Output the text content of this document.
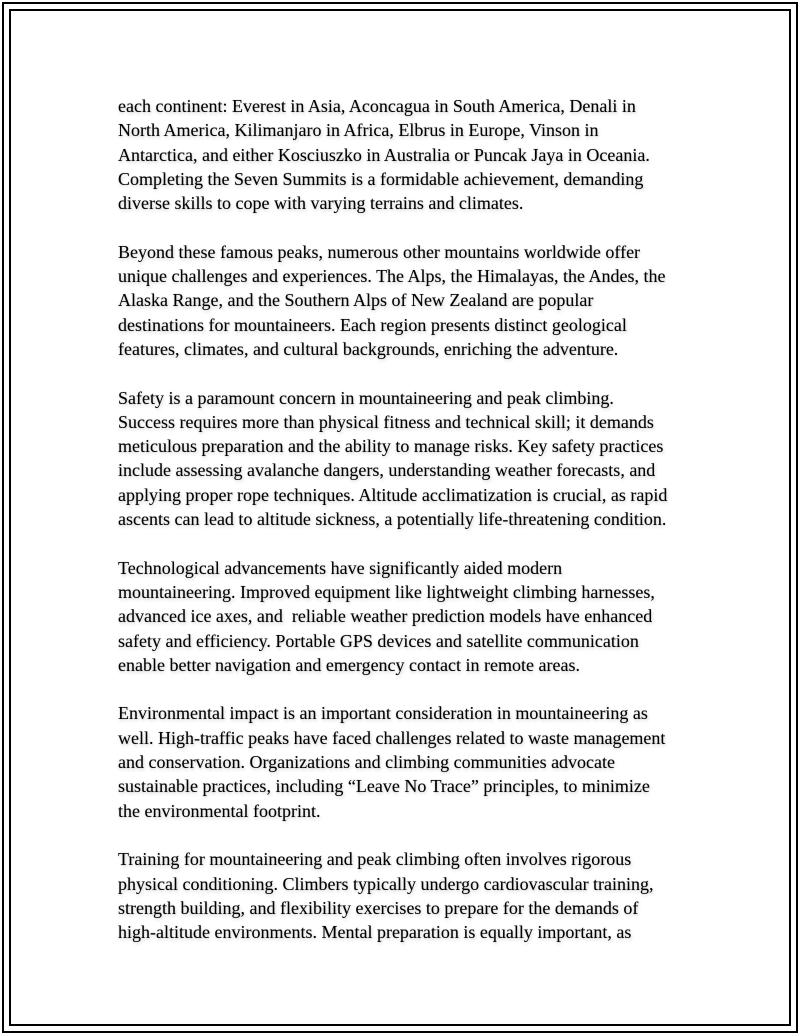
each continent: Everest in Asia, Aconcagua in South America, Denali in
North America, Kilimanjaro in Africa, Elbrus in Europe, Vinson in
Antarctica, and either Kosciuszko in Australia or Puncak Jaya in Oceania.
Completing the Seven Summits is a formidable achievement, demanding
diverse skills to cope with varying terrains and climates.

Beyond these famous peaks, numerous other mountains worldwide offer
unique challenges and experiences. The Alps, the Himalayas, the Andes, the
Alaska Range, and the Southern Alps of New Zealand are popular
destinations for mountaineers. Each region presents distinct geological
features, climates, and cultural backgrounds, enriching the adventure.

Safety is a paramount concern in mountaineering and peak climbing.
Success requires more than physical fitness and technical skill; it demands
meticulous preparation and the ability to manage risks. Key safety practices
include assessing avalanche dangers, understanding weather forecasts, and
applying proper rope techniques. Altitude acclimatization is crucial, as rapid
ascents can lead to altitude sickness, a potentially life-threatening condition.

Technological advancements have significantly aided modern
mountaineering. Improved equipment like lightweight climbing harnesses,
advanced ice axes, and  reliable weather prediction models have enhanced
safety and efficiency. Portable GPS devices and satellite communication
enable better navigation and emergency contact in remote areas.

Environmental impact is an important consideration in mountaineering as
well. High-traffic peaks have faced challenges related to waste management
and conservation. Organizations and climbing communities advocate
sustainable practices, including “Leave No Trace” principles, to minimize
the environmental footprint.

Training for mountaineering and peak climbing often involves rigorous
physical conditioning. Climbers typically undergo cardiovascular training,
strength building, and flexibility exercises to prepare for the demands of
high-altitude environments. Mental preparation is equally important, as
